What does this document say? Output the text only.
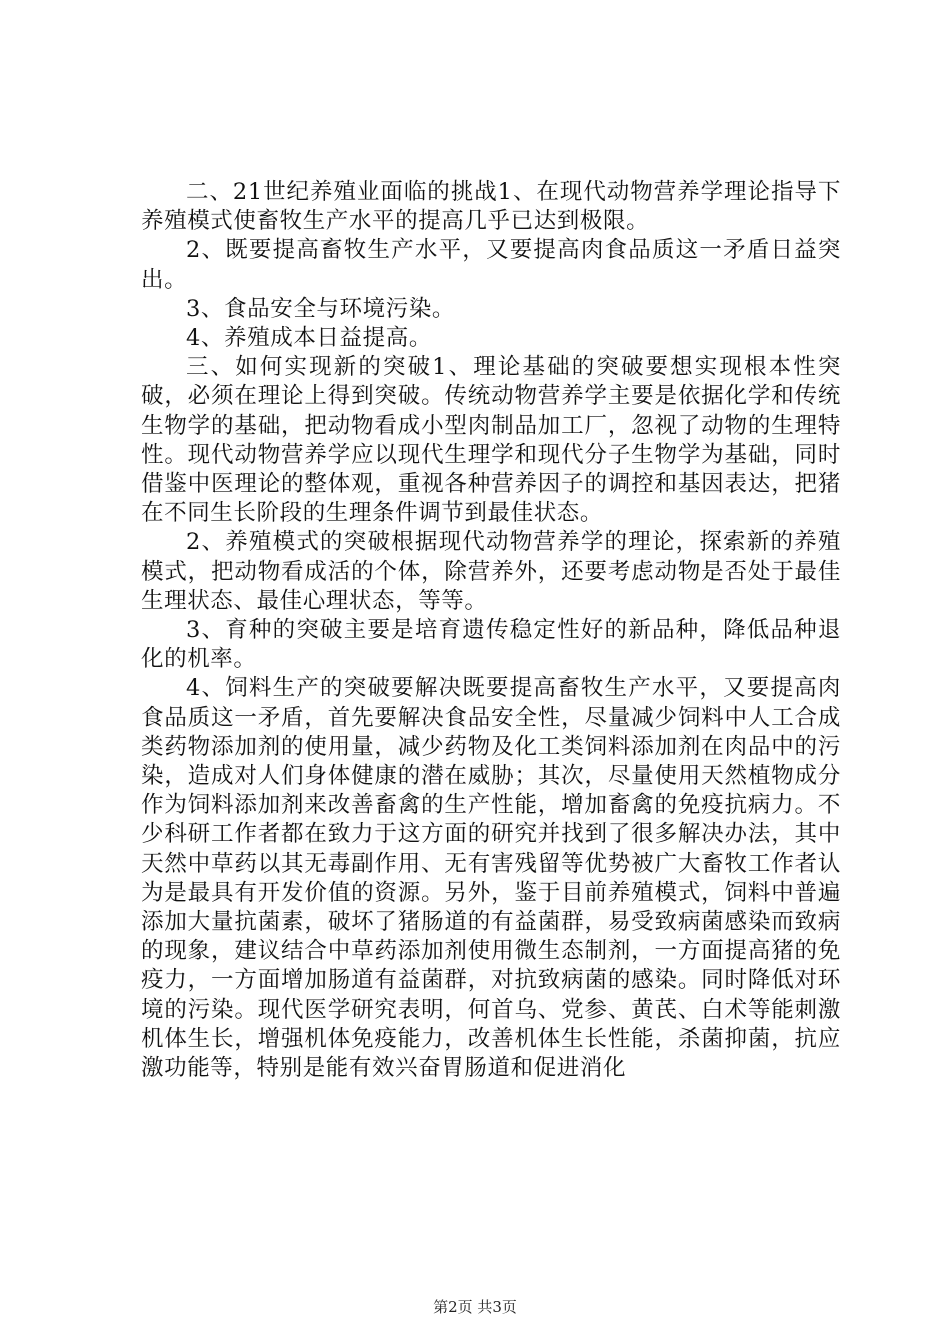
二、21世纪养殖业面临的挑战1、在现代动物营养学理论指导下养殖模式使畜牧生产水平的提高几乎已达到极限。

2、既要提高畜牧生产水平，又要提高肉食品质这一矛盾日益突出。

3、食品安全与环境污染。

4、养殖成本日益提高。

三、如何实现新的突破1、理论基础的突破要想实现根本性突破，必须在理论上得到突破。传统动物营养学主要是依据化学和传统生物学的基础，把动物看成小型肉制品加工厂，忽视了动物的生理特性。现代动物营养学应以现代生理学和现代分子生物学为基础，同时借鉴中医理论的整体观，重视各种营养因子的调控和基因表达，把猪在不同生长阶段的生理条件调节到最佳状态。

2、养殖模式的突破根据现代动物营养学的理论，探索新的养殖模式，把动物看成活的个体，除营养外，还要考虑动物是否处于最佳生理状态、最佳心理状态，等等。

3、育种的突破主要是培育遗传稳定性好的新品种，降低品种退化的机率。

4、饲料生产的突破要解决既要提高畜牧生产水平，又要提高肉食品质这一矛盾，首先要解决食品安全性，尽量减少饲料中人工合成类药物添加剂的使用量，减少药物及化工类饲料添加剂在肉品中的污染，造成对人们身体健康的潜在威胁；其次，尽量使用天然植物成分作为饲料添加剂来改善畜禽的生产性能，增加畜禽的免疫抗病力。不少科研工作者都在致力于这方面的研究并找到了很多解决办法，其中天然中草药以其无毒副作用、无有害残留等优势被广大畜牧工作者认为是最具有开发价值的资源。另外，鉴于目前养殖模式，饲料中普遍添加大量抗菌素，破坏了猪肠道的有益菌群，易受致病菌感染而致病的现象，建议结合中草药添加剂使用微生态制剂，一方面提高猪的免疫力，一方面增加肠道有益菌群，对抗致病菌的感染。同时降低对环境的污染。现代医学研究表明，何首乌、党参、黄芪、白术等能刺激机体生长，增强机体免疫能力，改善机体生长性能，杀菌抑菌，抗应激功能等，特别是能有效兴奋胃肠道和促进消化

第2页 共3页
